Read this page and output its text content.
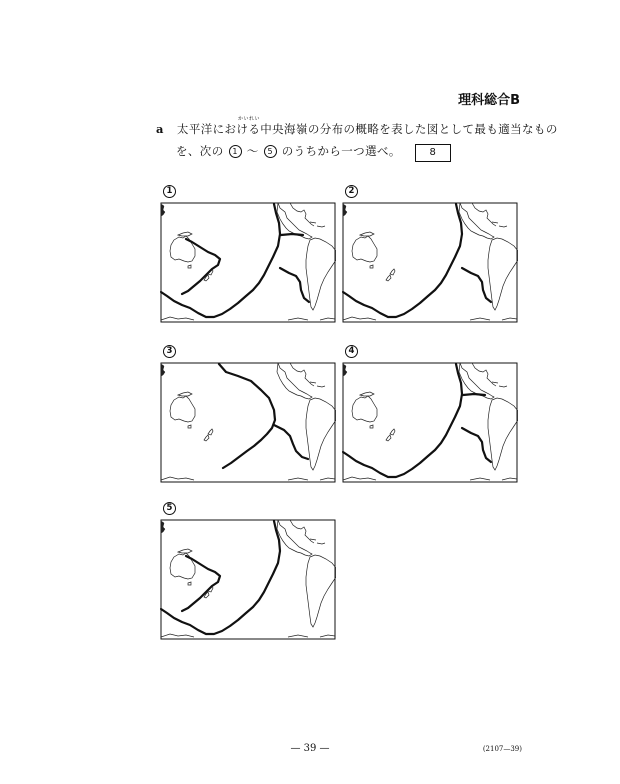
理科総合B
かいれい
a 太平洋における中央海嶺の分布の概略を表した図として最も適当なもの
を、次の 1 〜 5 のうちから一つ選べ。	8
1	2
3	4
5
— 39 —	(2107—39)
